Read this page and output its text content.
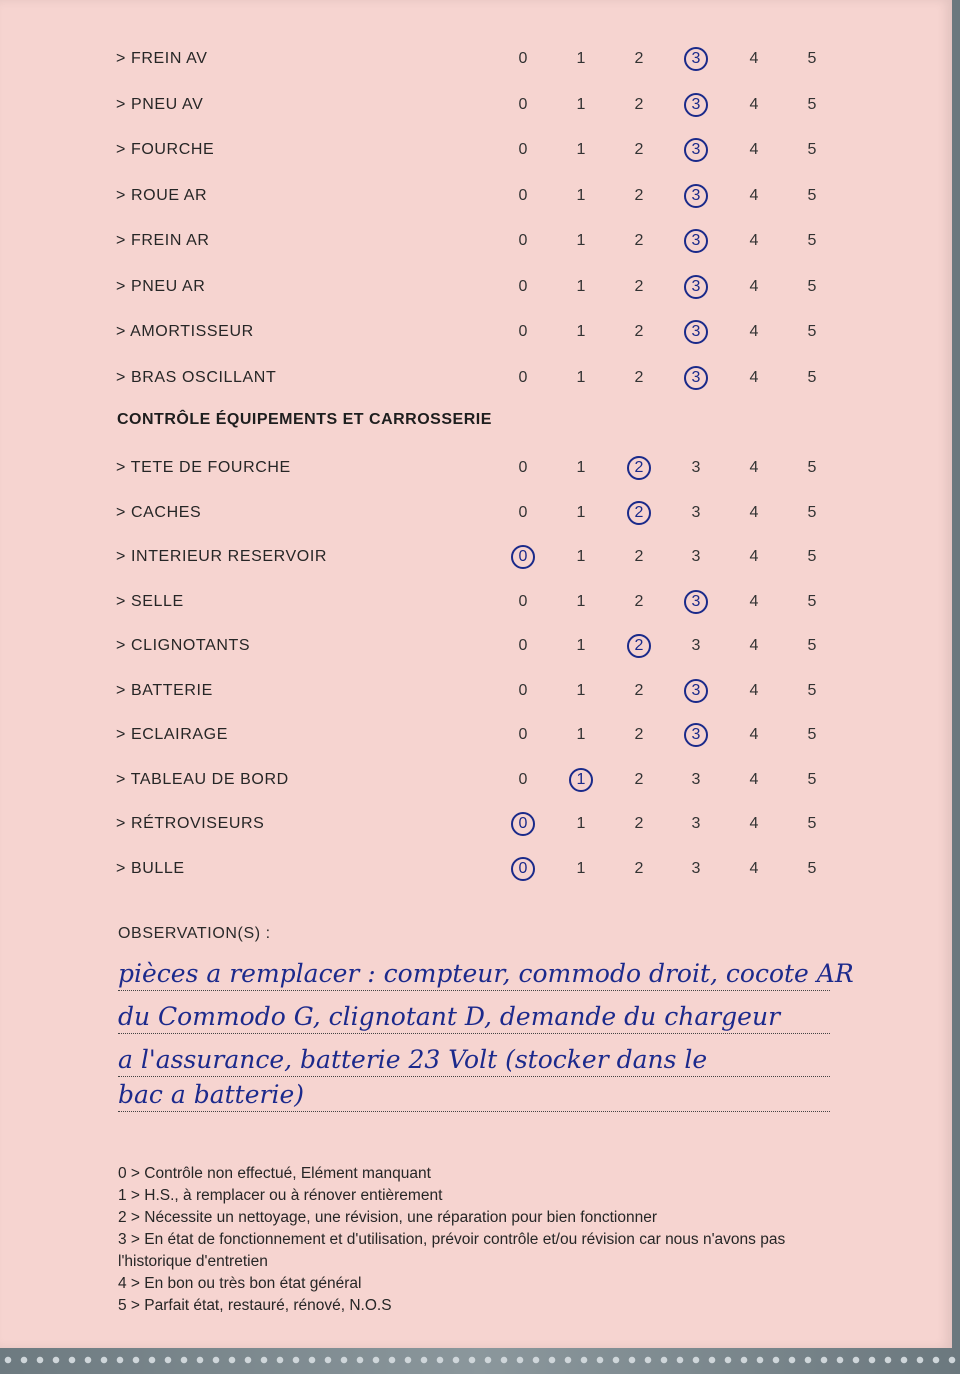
> FREIN AV	0	1	2	3	4	5
> PNEU AV	0	1	2	3	4	5
> FOURCHE	0	1	2	3	4	5
> ROUE AR	0	1	2	3	4	5
> FREIN AR	0	1	2	3	4	5
> PNEU AR	0	1	2	3	4	5
> AMORTISSEUR	0	1	2	3	4	5
> BRAS OSCILLANT	0	1	2	3	4	5
CONTRÔLE ÉQUIPEMENTS ET CARROSSERIE
> TETE DE FOURCHE	0	1	2	3	4	5
> CACHES	0	1	2	3	4	5
> INTERIEUR RESERVOIR	0	1	2	3	4	5
> SELLE	0	1	2	3	4	5
> CLIGNOTANTS	0	1	2	3	4	5
> BATTERIE	0	1	2	3	4	5
> ECLAIRAGE	0	1	2	3	4	5
> TABLEAU DE BORD	0	1	2	3	4	5
> RÉTROVISEURS	0	1	2	3	4	5
> BULLE	0	1	2	3	4	5
OBSERVATION(S) :
pièces a remplacer : compteur, commodo droit, cocote AR
du Commodo G, clignotant D, demande du chargeur
a l'assurance, batterie 23 Volt (stocker dans le
bac a batterie)
0 > Contrôle non effectué, Elément manquant
1 > H.S., à remplacer ou à rénover entièrement
2 > Nécessite un nettoyage, une révision, une réparation pour bien fonctionner
3 > En état de fonctionnement et d'utilisation, prévoir contrôle et/ou révision car nous n'avons pas l'historique d'entretien
4 > En bon ou très bon état général
5 > Parfait état, restauré, rénové, N.O.S
